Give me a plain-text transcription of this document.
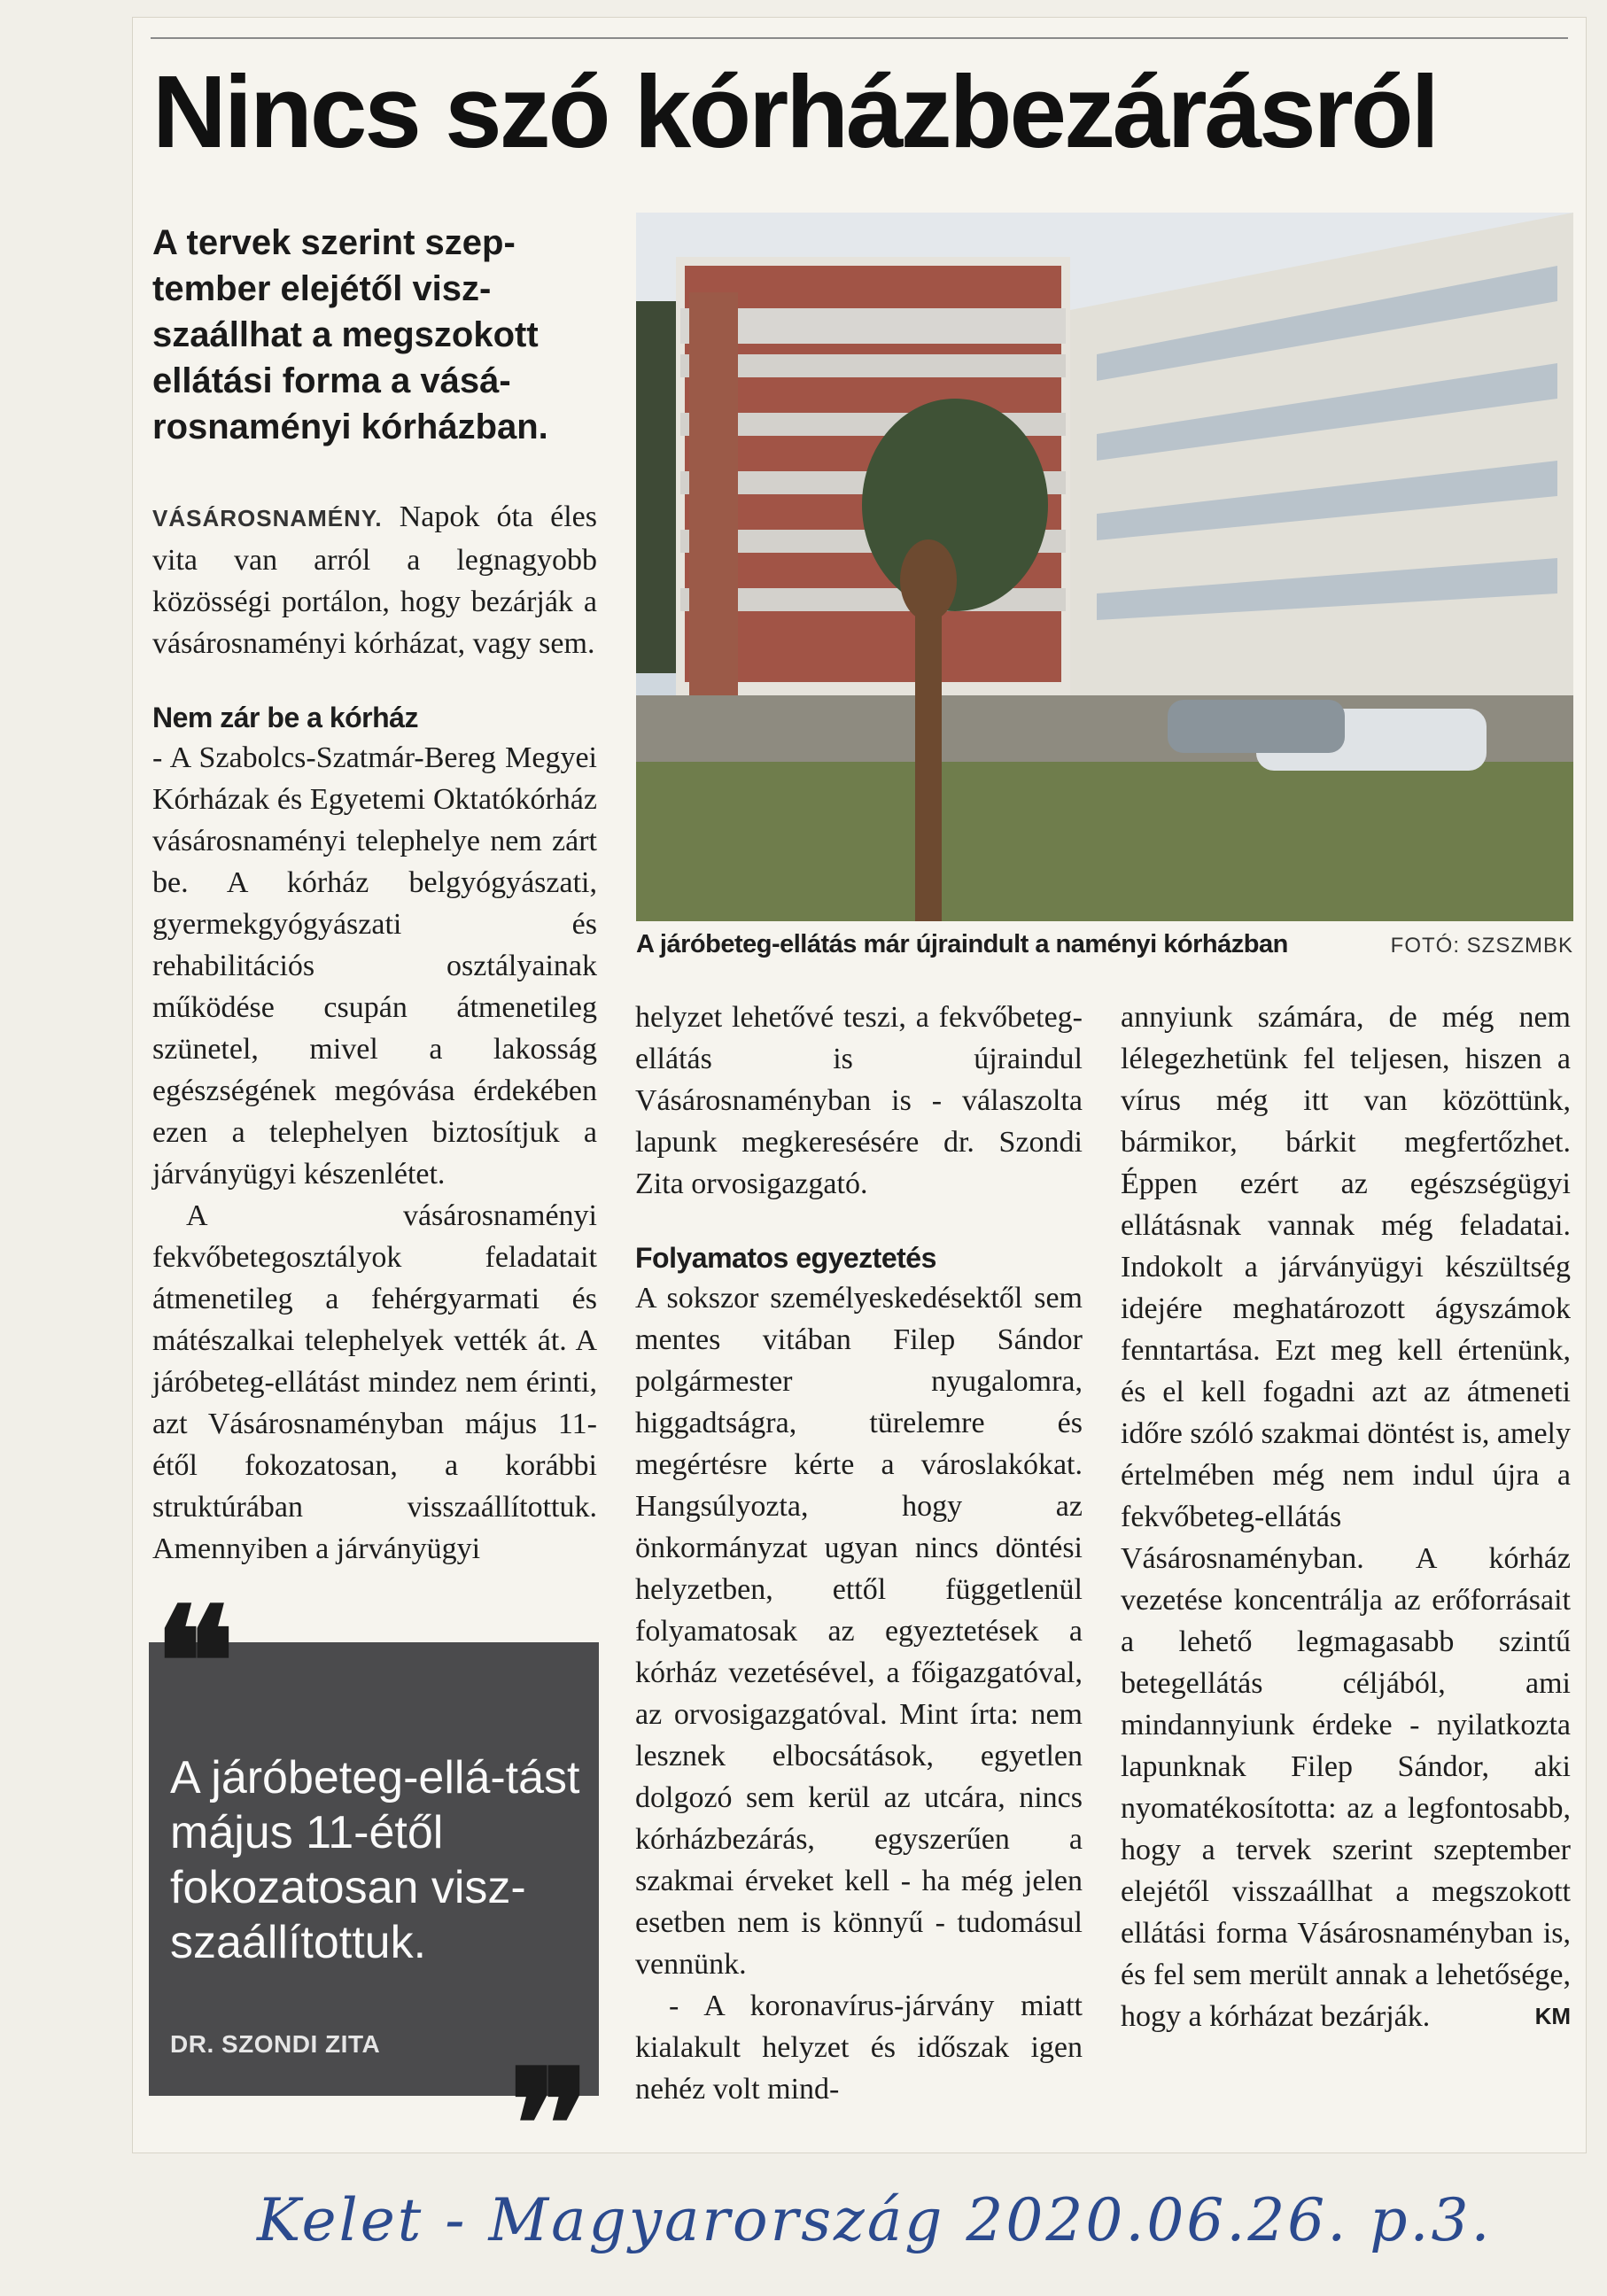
Nincs szó kórházbezárásról

A tervek szerint szep-tember elejétől visz-szaállhat a megszokott ellátási forma a vásá-rosnaményi kórházban.

VÁSÁROSNAMÉNY. Napok óta éles vita van arról a legnagyobb közösségi portálon, hogy bezárják a vásárosnaményi kórházat, vagy sem.

Nem zár be a kórház

- A Szabolcs-Szatmár-Bereg Megyei Kórházak és Egyetemi Oktatókórház vásárosnaményi telephelye nem zárt be. A kórház belgyógyászati, gyermekgyógyászati és rehabilitációs osztályainak működése csupán átmenetileg szünetel, mivel a lakosság egészségének megóvása érdekében ezen a telephelyen biztosítjuk a járványügyi készenlétet.

A vásárosnaményi fekvőbetegosztályok feladatait átmenetileg a fehérgyarmati és mátészalkai telephelyek vették át. A járóbeteg-ellátást mindez nem érinti, azt Vásárosnaményban május 11-étől fokozatosan, a korábbi struktúrában visszaállítottuk. Amennyiben a járványügyi

A járóbeteg-ellátás már újraindult a naményi kórházban	FOTÓ: SZSZMBK

helyzet lehetővé teszi, a fekvőbeteg-ellátás is újraindul Vásárosnaményban is - válaszolta lapunk megkeresésére dr. Szondi Zita orvosigazgató.

Folyamatos egyeztetés

A sokszor személyeskedésektől sem mentes vitában Filep Sándor polgármester nyugalomra, higgadtságra, türelemre és megértésre kérte a városlakókat. Hangsúlyozta, hogy az önkormányzat ugyan nincs döntési helyzetben, ettől függetlenül folyamatosak az egyeztetések a kórház vezetésével, a főigazgatóval, az orvosigazgatóval. Mint írta: nem lesznek elbocsátások, egyetlen dolgozó sem kerül az utcára, nincs kórházbezárás, egyszerűen a szakmai érveket kell - ha még jelen esetben nem is könnyű - tudomásul vennünk.

- A koronavírus-járvány miatt kialakult helyzet és időszak igen nehéz volt mind-

annyiunk számára, de még nem lélegezhetünk fel teljesen, hiszen a vírus még itt van közöttünk, bármikor, bárkit megfertőzhet. Éppen ezért az egészségügyi ellátásnak vannak még feladatai. Indokolt a járványügyi készültség idejére meghatározott ágyszámok fenntartása. Ezt meg kell értenünk, és el kell fogadni azt az átmeneti időre szóló szakmai döntést is, amely értelmében még nem indul újra a fekvőbeteg-ellátás Vásárosnaményban. A kórház vezetése koncentrálja az erőforrásait a lehető legmagasabb szintű betegellátás céljából, ami mindannyiunk érdeke - nyilatkozta lapunknak Filep Sándor, aki nyomatékosította: az a legfontosabb, hogy a tervek szerint szeptember elejétől visszaállhat a megszokott ellátási forma Vásárosnaményban is, és fel sem merült annak a lehetősége, hogy a kórházat bezárják.	KM

❝

A járóbeteg-ellá-tást május 11-étől fokozatosan visz-szaállítottuk.

DR. SZONDI ZITA ❞
Kelet - Magyarország 2020.06.26. p.3.
